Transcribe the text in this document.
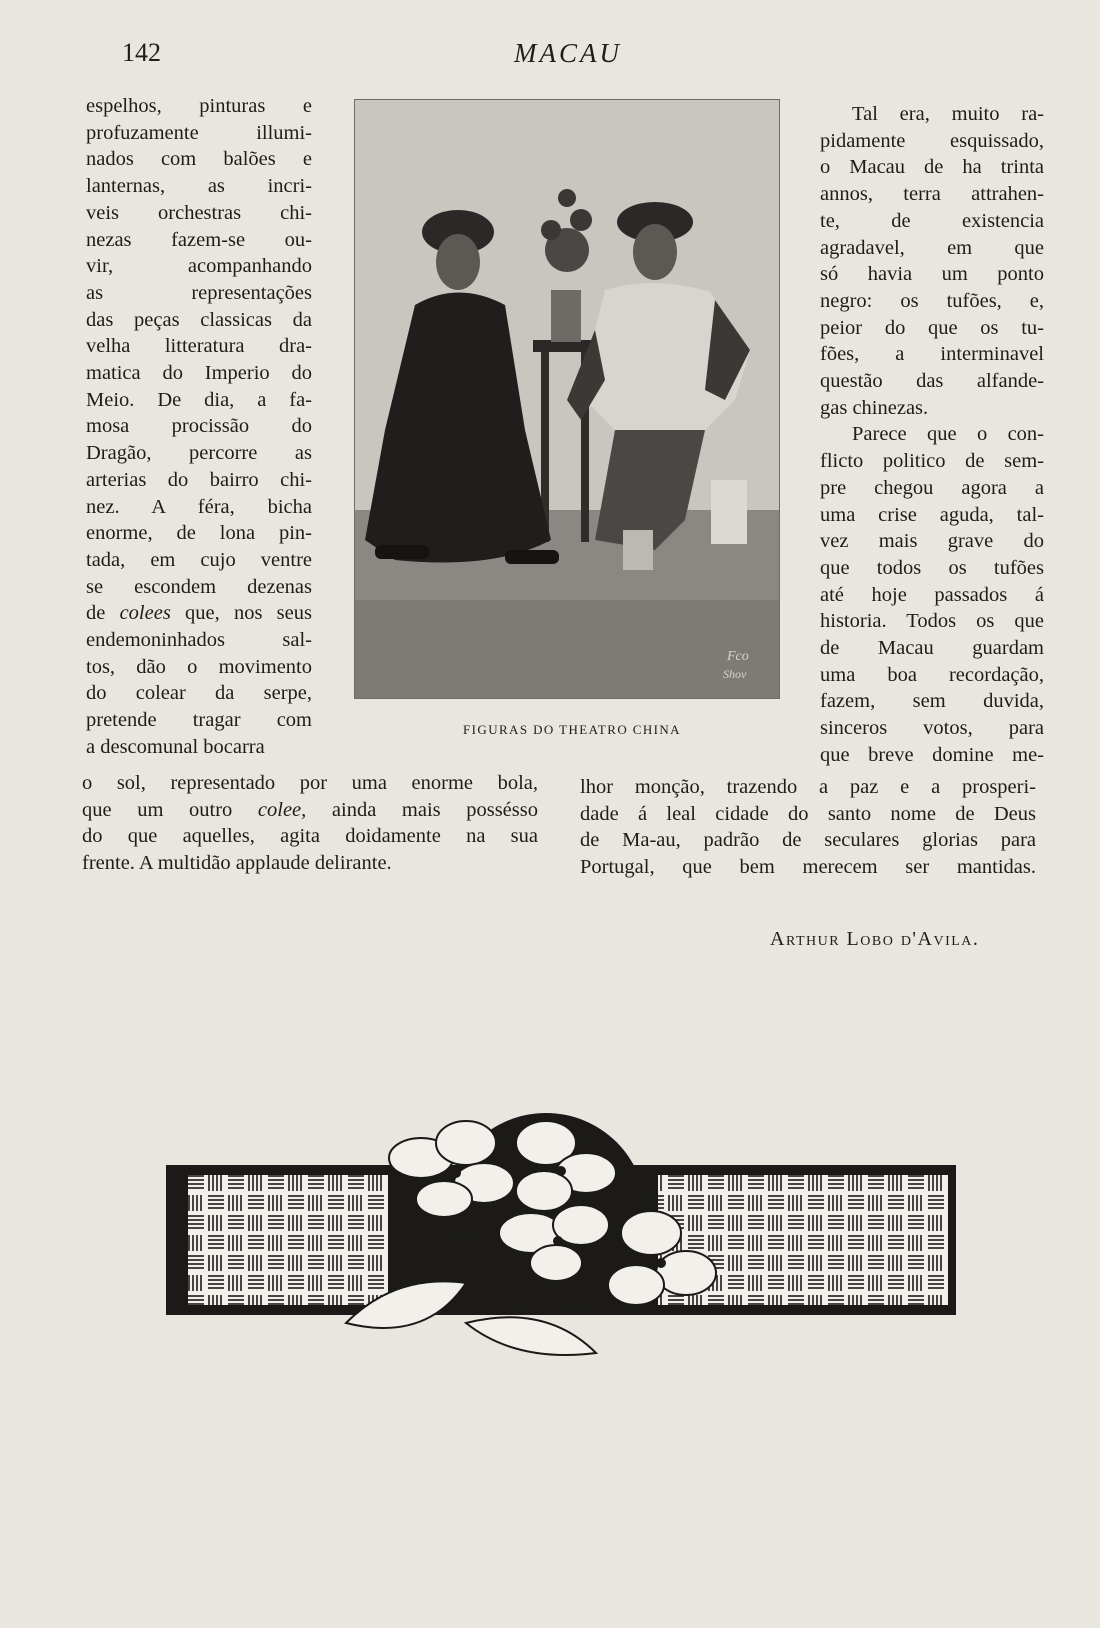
142	MACAU
espelhos, pinturas e
profuzamente illumi-
nados com balões e
lanternas, as incri-
veis orchestras chi-
nezas fazem-se ou-
vir, acompanhando
as representações
das peças classicas da
velha litteratura dra-
matica do Imperio do
Meio. De dia, a fa-
mosa procissão do
Dragão, percorre as
arterias do bairro chi-
nez. A féra, bicha
enorme, de lona pin-
tada, em cujo ventre
se escondem dezenas
de colees que, nos seus
endemoninhados sal-
tos, dão o movimento
do colear da serpe,
pretende tragar com
a descomunal bocarra
Fco
Shov
FIGURAS DO THEATRO CHINA
Tal era, muito ra-
pidamente esquissado,
o Macau de ha trinta
annos, terra attrahen-
te, de existencia
agradavel, em que
só havia um ponto
negro: os tufões, e,
peior do que os tu-
fões, a interminavel
questão das alfande-
gas chinezas.
Parece que o con-
flicto politico de sem-
pre chegou agora a
uma crise aguda, tal-
vez mais grave do
que todos os tufões
até hoje passados á
historia. Todos os que
de Macau guardam
uma boa recordação,
fazem, sem duvida,
sinceros votos, para
que breve domine me-
o sol, representado por uma enorme bola,
que um outro colee, ainda mais possésso
do que aquelles, agita doidamente na sua
frente. A multidão applaude delirante.
lhor monção, trazendo a paz e a prosperi-
dade á leal cidade do santo nome de Deus
de Ma-au, padrão de seculares glorias para
Portugal, que bem merecem ser mantidas.
Arthur Lobo d'Avila.
